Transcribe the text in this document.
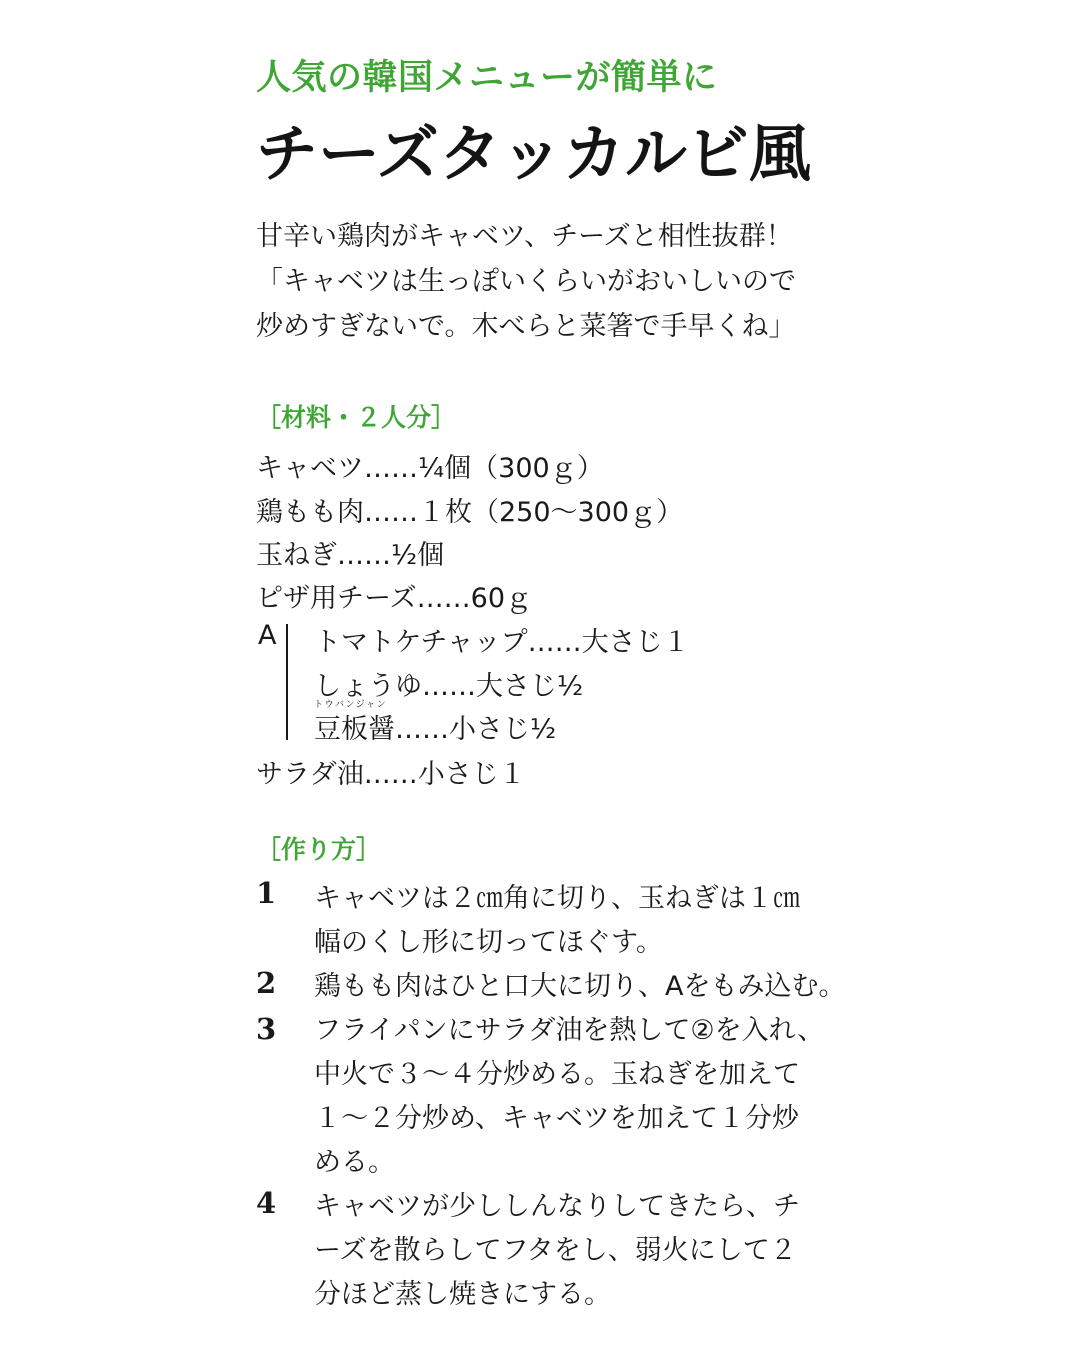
人気の韓国メニューが簡単に
チーズタッカルビ風
甘辛い鶏肉がキャベツ、チーズと相性抜群！
「キャベツは生っぽいくらいがおいしいので
炒めすぎないで。木べらと菜箸で手早くね」
［材料・２人分］
キャベツ……¼個（300ｇ）
鶏もも肉……１枚（250〜300ｇ）
玉ねぎ……½個
ピザ用チーズ……60ｇ
A トマトケチャップ……大さじ１
しょうゆ……大さじ½
トウバンジャン
豆板醤……小さじ½
サラダ油……小さじ１
［作り方］
1 キャベツは２㎝角に切り、玉ねぎは１㎝
幅のくし形に切ってほぐす。
2 鶏もも肉はひと口大に切り、Aをもみ込む。
3 フライパンにサラダ油を熱して②を入れ、
中火で３〜４分炒める。玉ねぎを加えて
１〜２分炒め、キャベツを加えて１分炒
める。
4 キャベツが少ししんなりしてきたら、チ
ーズを散らしてフタをし、弱火にして２
分ほど蒸し焼きにする。
